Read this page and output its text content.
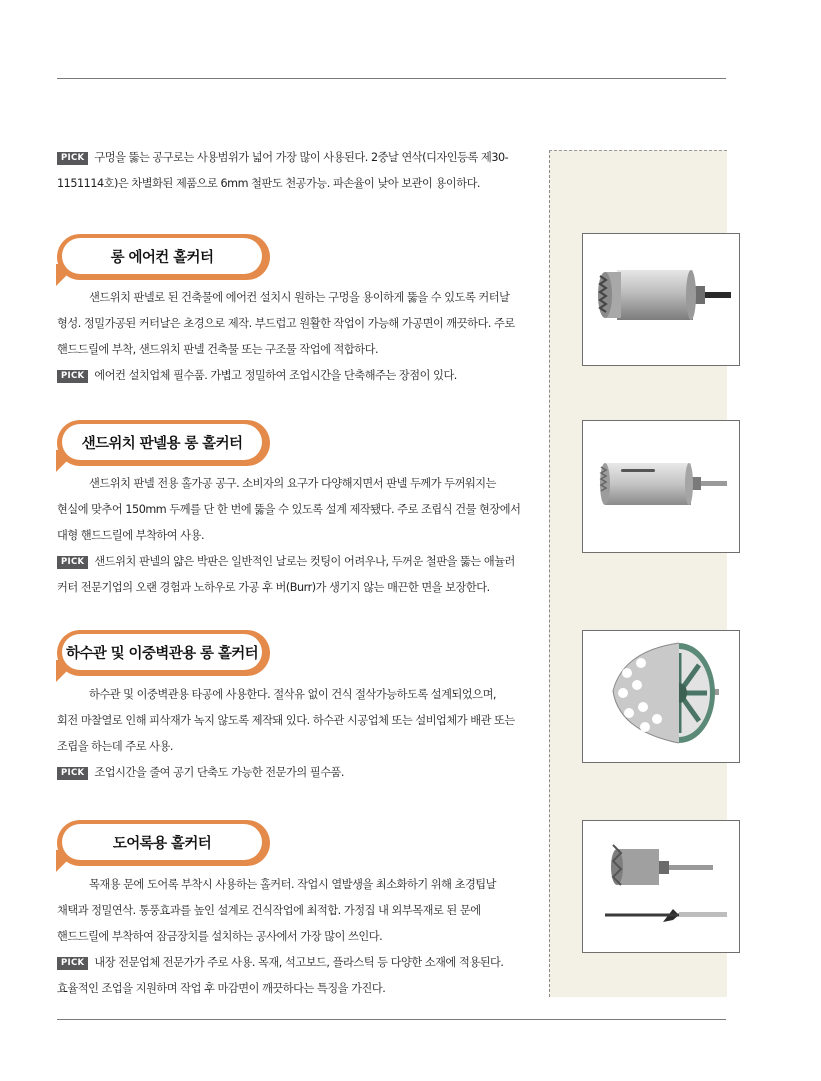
PICK 구멍을 뚫는 공구로는 사용범위가 넓어 가장 많이 사용된다. 2중날 연삭(디자인등록 제30-
1151114호)은 차별화된 제품으로 6mm 철판도 천공가능. 파손율이 낮아 보관이 용이하다.

롱 에어컨 홀커터

샌드위치 판넬로 된 건축물에 에어컨 설치시 원하는 구멍을 용이하게 뚫을 수 있도록 커터날
형성. 정밀가공된 커터날은 초경으로 제작. 부드럽고 원활한 작업이 가능해 가공면이 깨끗하다. 주로
핸드드릴에 부착, 샌드위치 판넬 건축물 또는 구조물 작업에 적합하다.
PICK 에어컨 설치업체 필수품. 가볍고 정밀하여 조업시간을 단축해주는 장점이 있다.

샌드위치 판넬용 롱 홀커터

샌드위치 판넬 전용 홀가공 공구. 소비자의 요구가 다양해지면서 판넬 두께가 두꺼워지는
현실에 맞추어 150mm 두께를 단 한 번에 뚫을 수 있도록 설계 제작됐다. 주로 조립식 건물 현장에서
대형 핸드드릴에 부착하여 사용.
PICK 샌드위치 판넬의 얇은 박판은 일반적인 날로는 컷팅이 어려우나, 두꺼운 철판을 뚫는 애뉼러
커터 전문기업의 오랜 경험과 노하우로 가공 후 버(Burr)가 생기지 않는 매끈한 면을 보장한다.

하수관 및 이중벽관용 롱 홀커터

하수관 및 이중벽관용 타공에 사용한다. 절삭유 없이 건식 절삭가능하도록 설계되었으며,
회전 마찰열로 인해 피삭재가 녹지 않도록 제작돼 있다. 하수관 시공업체 또는 설비업체가 배관 또는
조립을 하는데 주로 사용.
PICK 조업시간을 줄여 공기 단축도 가능한 전문가의 필수품.

도어록용 홀커터

목재용 문에 도어록 부착시 사용하는 홀커터. 작업시 열발생을 최소화하기 위해 초경팁날
채택과 정밀연삭. 통풍효과를 높인 설계로 건식작업에 최적합. 가정집 내 외부목재로 된 문에
핸드드릴에 부착하여 잠금장치를 설치하는 공사에서 가장 많이 쓰인다.
PICK 내장 전문업체 전문가가 주로 사용. 목재, 석고보드, 플라스틱 등 다양한 소재에 적용된다.
효율적인 조업을 지원하며 작업 후 마감면이 깨끗하다는 특징을 가진다.
